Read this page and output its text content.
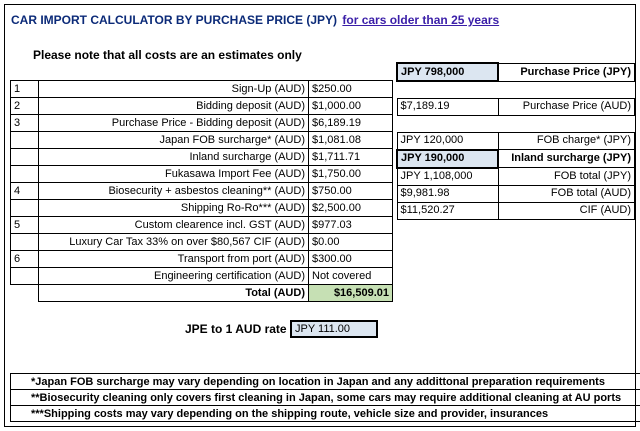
CAR IMPORT CALCULATOR BY PURCHASE PRICE (JPY) for cars older than 25 years
Please note that all costs are an estimates only
1	Sign-Up (AUD)	$250.00
2	Bidding deposit (AUD)	$1,000.00
3	Purchase Price - Bidding deposit (AUD)	$6,189.19
	Japan FOB surcharge* (AUD)	$1,081.08
	Inland surcharge (AUD)	$1,711.71
	Fukasawa Import Fee (AUD)	$1,750.00
4	Biosecurity + asbestos cleaning** (AUD)	$750.00
	Shipping Ro-Ro*** (AUD)	$2,500.00
5	Custom clearence incl. GST (AUD)	$977.03
	Luxury Car Tax 33% on over $80,567 CIF (AUD)	$0.00
6	Transport from port (AUD)	$300.00
	Engineering certification (AUD)	Not covered
	Total (AUD)	$16,509.01
JPE to 1 AUD rate JPY 111.00
JPY 798,000	Purchase Price (JPY)

$7,189.19	Purchase Price (AUD)

JPY 120,000	FOB charge* (JPY)
JPY 190,000	Inland surcharge (JPY)
JPY 1,108,000	FOB total (JPY)
$9,981.98	FOB total (AUD)
$11,520.27	CIF (AUD)
*Japan FOB surcharge may vary depending on location in Japan and any addittonal preparation requirements
**Biosecurity cleaning only covers first cleaning in Japan, some cars may require additional cleaning at AU ports
***Shipping costs may vary depending on the shipping route, vehicle size and provider, insurances
